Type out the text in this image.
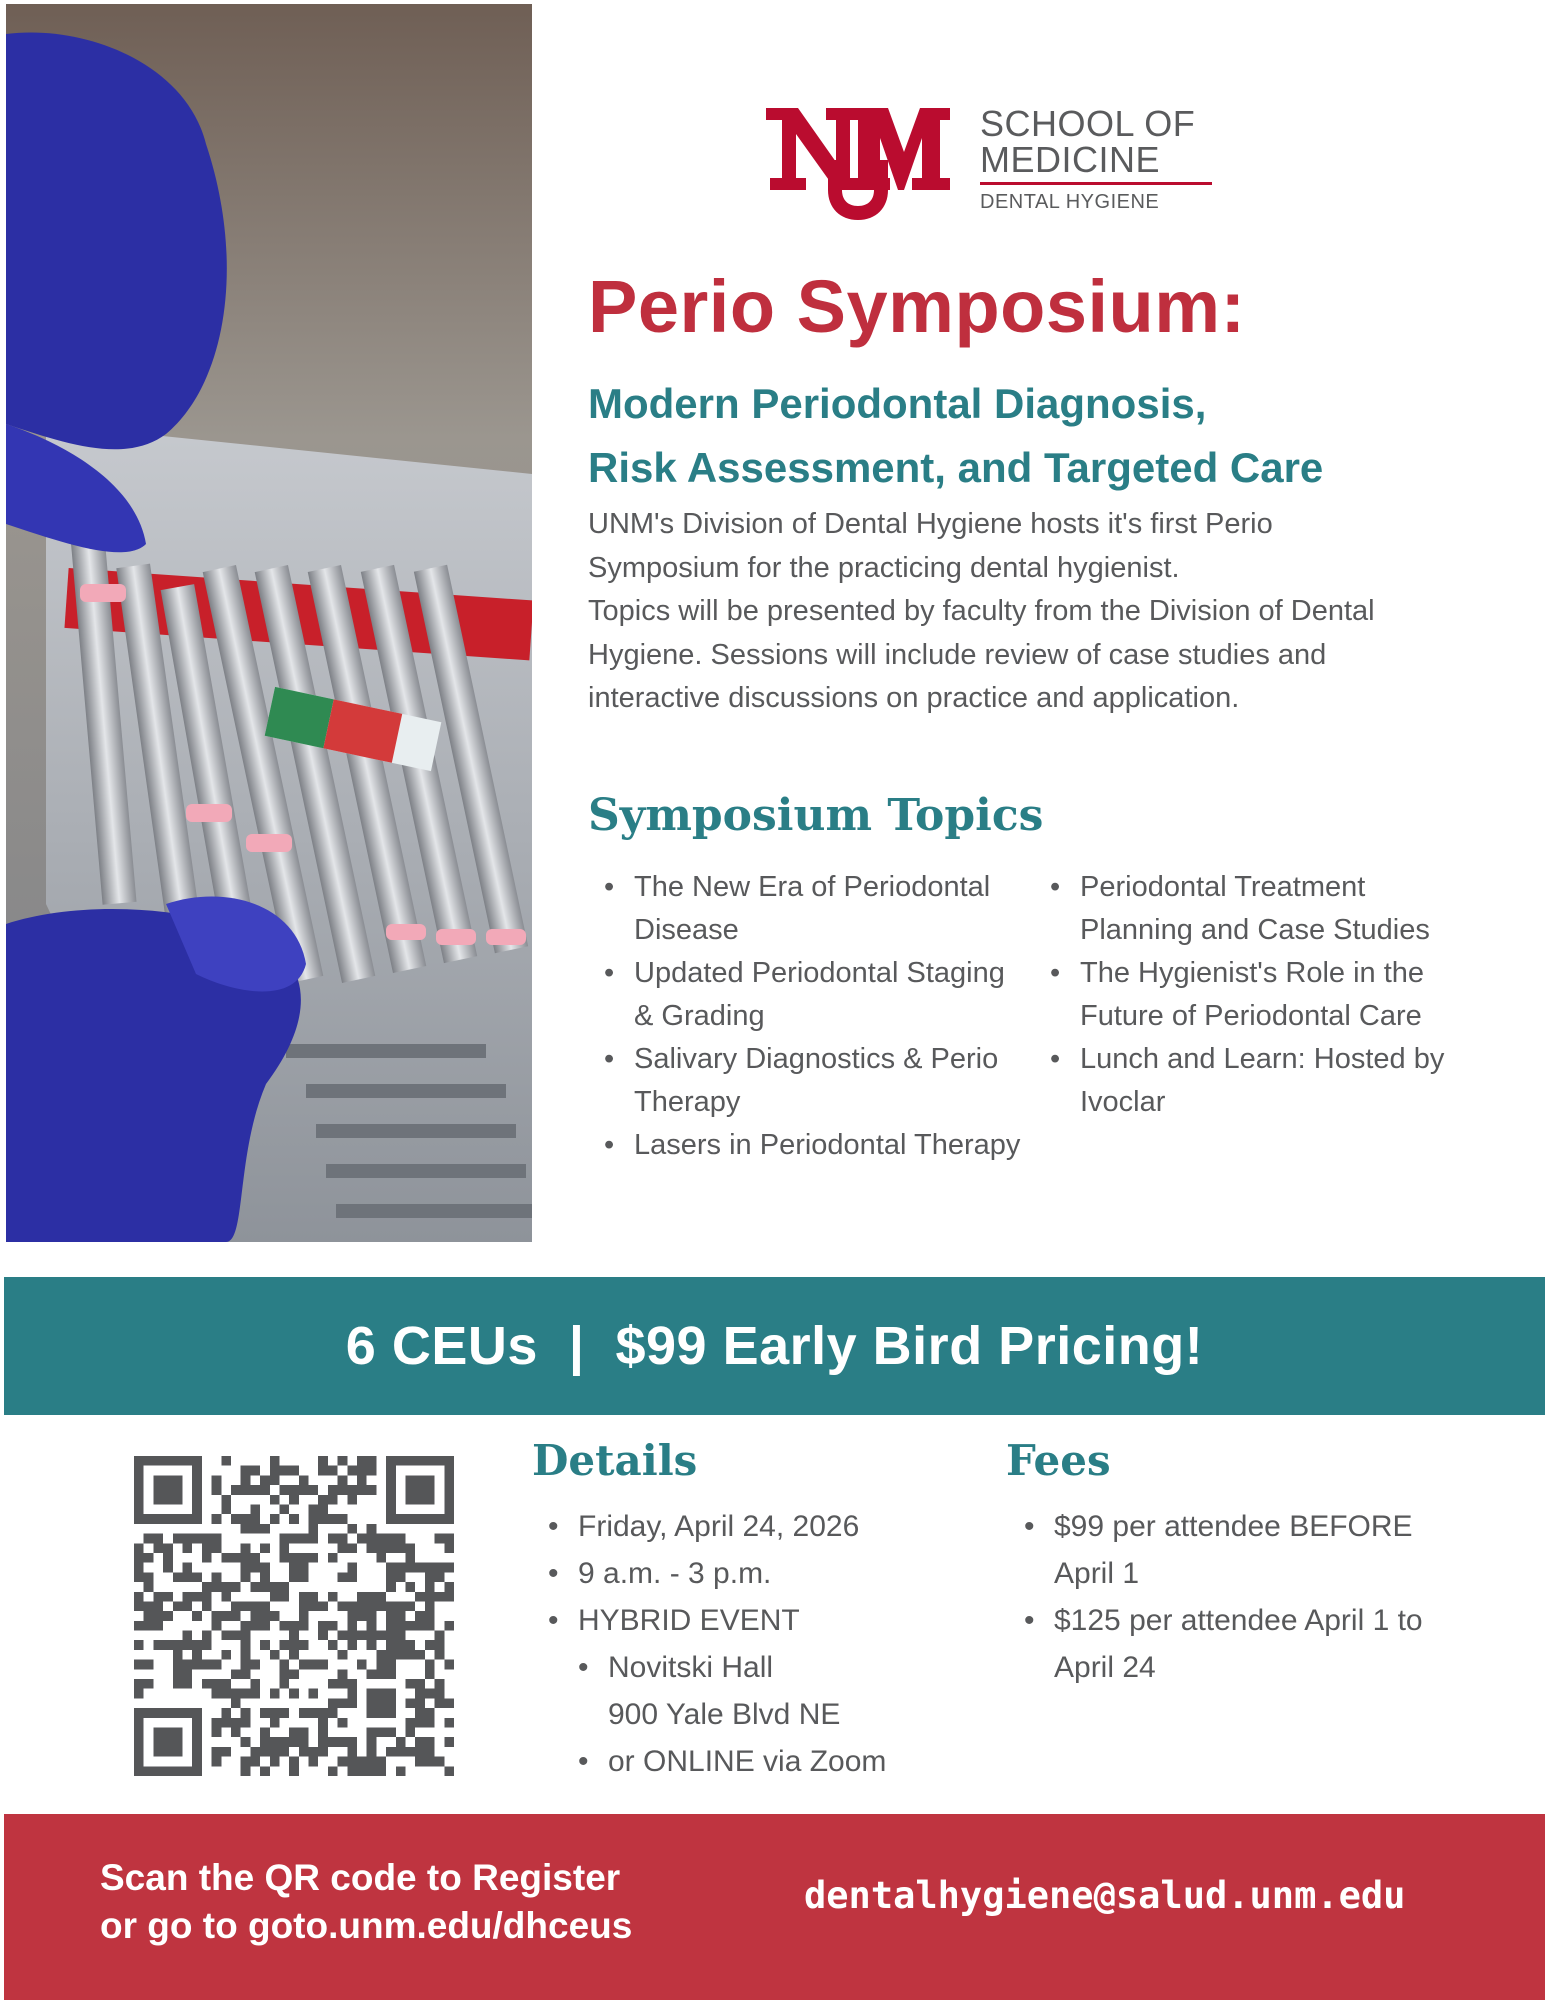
SCHOOL OF
MEDICINE
DENTAL HYGIENE
Perio Symposium:
Modern Periodontal Diagnosis,
Risk Assessment, and Targeted Care

UNM's Division of Dental Hygiene hosts it's first Perio Symposium for the practicing dental hygienist.

Topics will be presented by faculty from the Division of Dental Hygiene. Sessions will include review of case studies and interactive discussions on practice and application.

Symposium Topics
• The New Era of Periodontal Disease
• Updated Periodontal Staging & Grading
• Salivary Diagnostics & Perio Therapy
• Lasers in Periodontal Therapy
• Periodontal Treatment Planning and Case Studies
• The Hygienist's Role in the Future of Periodontal Care
• Lunch and Learn: Hosted by Ivoclar
6 CEUs  |  $99 Early Bird Pricing!
Details
• Friday, April 24, 2026
• 9 a.m. - 3 p.m.
• HYBRID EVENT
• Novitski Hall
900 Yale Blvd NE
• or ONLINE via Zoom
Fees
• $99 per attendee BEFORE April 1
• $125 per attendee April 1 to April 24
Scan the QR code to Register
or go to goto.unm.edu/dhceus
dentalhygiene@salud.unm.edu
